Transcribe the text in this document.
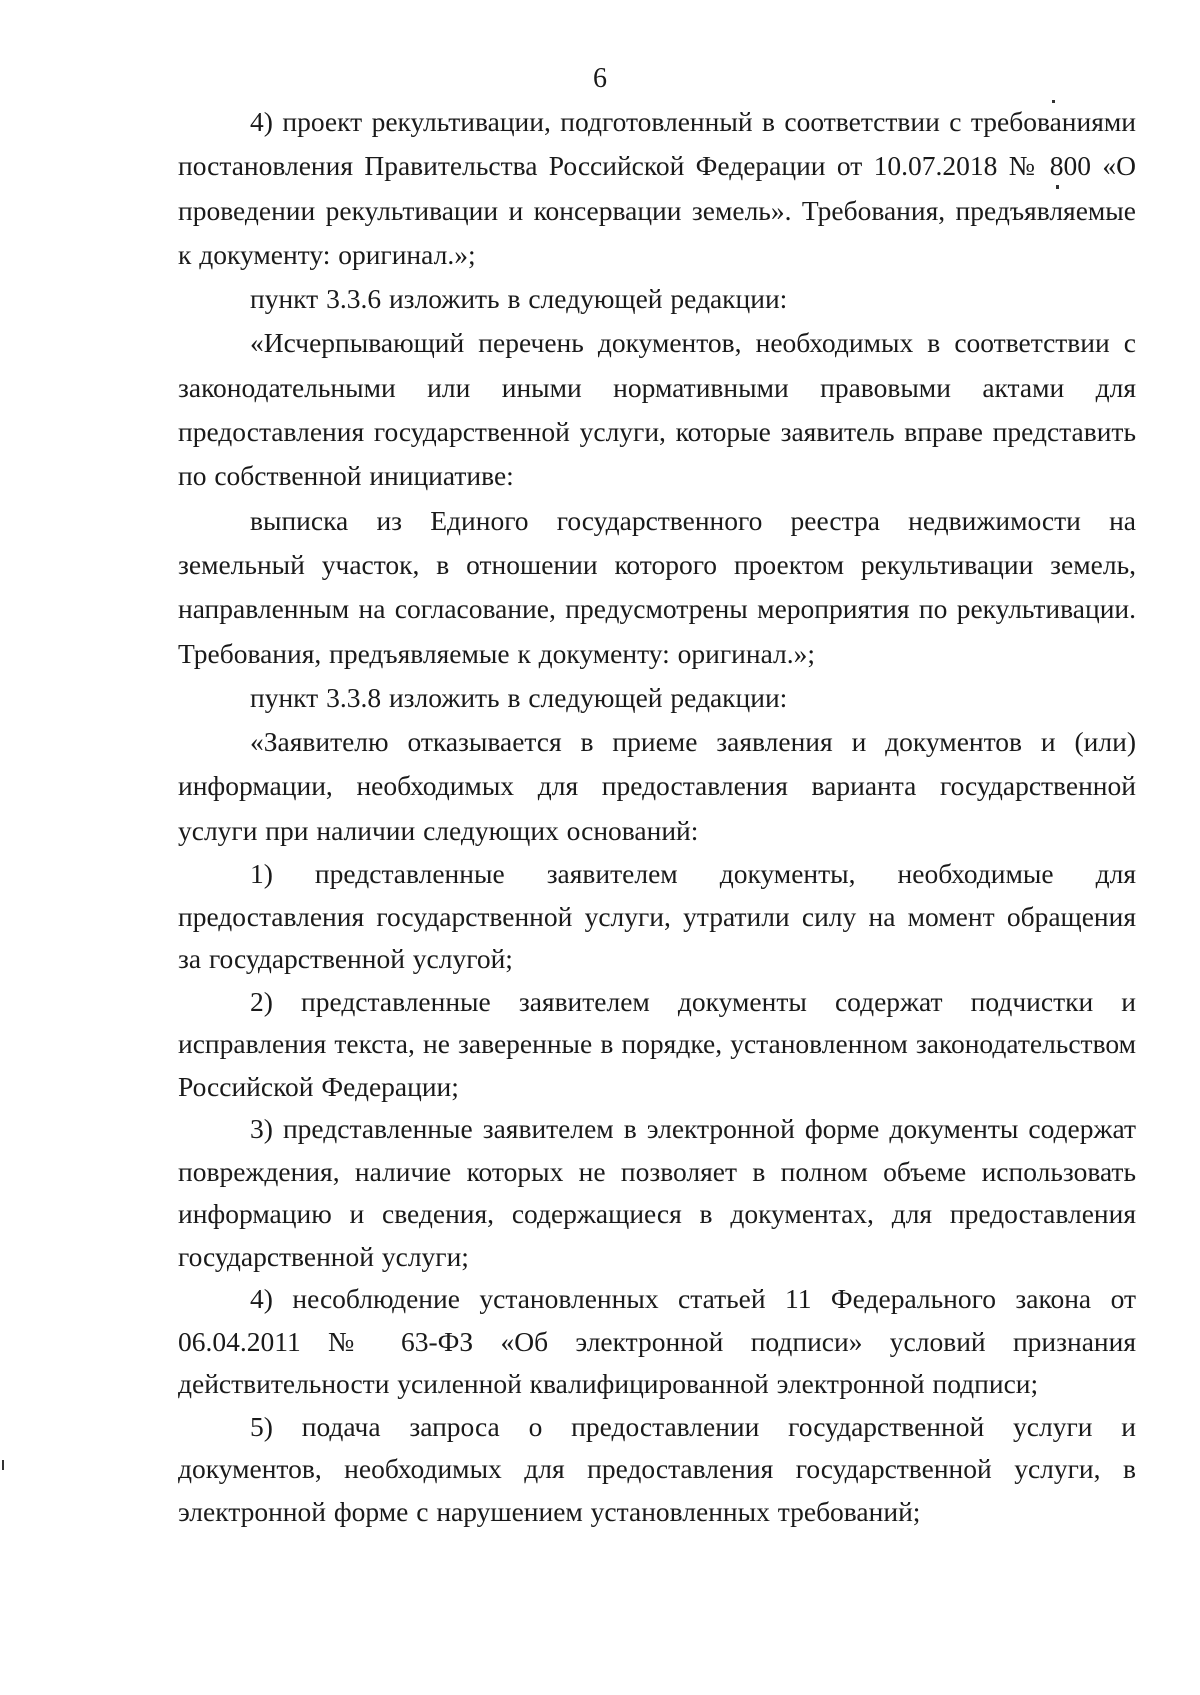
6

4) проект рекультивации, подготовленный в соответствии с требованиями постановления Правительства Российской Федерации от 10.07.2018 № 800 «О проведении рекультивации и консервации земель». Требования, предъявляемые к документу: оригинал.»;

пункт 3.3.6 изложить в следующей редакции:

«Исчерпывающий перечень документов, необходимых в соответствии с законодательными или иными нормативными правовыми актами для предоставления государственной услуги, которые заявитель вправе представить по собственной инициативе:

выписка из Единого государственного реестра недвижимости на земельный участок, в отношении которого проектом рекультивации земель, направленным на согласование, предусмотрены мероприятия по рекультивации. Требования, предъявляемые к документу: оригинал.»;

пункт 3.3.8 изложить в следующей редакции:

«Заявителю отказывается в приеме заявления и документов и (или) информации, необходимых для предоставления варианта государственной услуги при наличии следующих оснований:

1) представленные заявителем документы, необходимые для предоставления государственной услуги, утратили силу на момент обращения за государственной услугой;

2) представленные заявителем документы содержат подчистки и исправления текста, не заверенные в порядке, установленном законодательством Российской Федерации;

3) представленные заявителем в электронной форме документы содержат повреждения, наличие которых не позволяет в полном объеме использовать информацию и сведения, содержащиеся в документах, для предоставления государственной услуги;

4) несоблюдение установленных статьей 11 Федерального закона от 06.04.2011 № 63-ФЗ «Об электронной подписи» условий признания действительности усиленной квалифицированной электронной подписи;

5) подача запроса о предоставлении государственной услуги и документов, необходимых для предоставления государственной услуги, в электронной форме с нарушением установленных требований;
